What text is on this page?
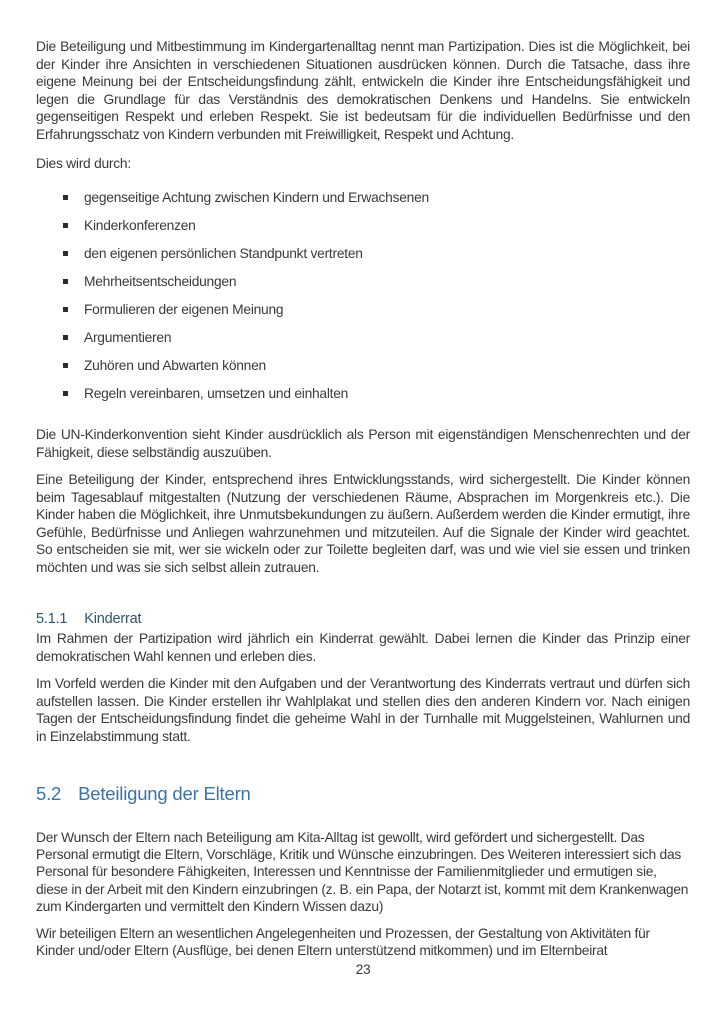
Die Beteiligung und Mitbestimmung im Kindergartenalltag nennt man Partizipation. Dies ist die Möglichkeit, bei der Kinder ihre Ansichten in verschiedenen Situationen ausdrücken können. Durch die Tatsache, dass ihre eigene Meinung bei der Entscheidungsfindung zählt, entwickeln die Kinder ihre Entscheidungsfähigkeit und legen die Grundlage für das Verständnis des demokratischen Denkens und Handelns. Sie entwickeln gegenseitigen Respekt und erleben Respekt. Sie ist bedeutsam für die individuellen Bedürfnisse und den Erfahrungsschatz von Kindern verbunden mit Freiwilligkeit, Respekt und Achtung.

Dies wird durch:

gegenseitige Achtung zwischen Kindern und Erwachsenen
Kinderkonferenzen
den eigenen persönlichen Standpunkt vertreten
Mehrheitsentscheidungen
Formulieren der eigenen Meinung
Argumentieren
Zuhören und Abwarten können
Regeln vereinbaren, umsetzen und einhalten

Die UN-Kinderkonvention sieht Kinder ausdrücklich als Person mit eigenständigen Menschenrechten und der Fähigkeit, diese selbständig auszuüben.

Eine Beteiligung der Kinder, entsprechend ihres Entwicklungsstands, wird sichergestellt. Die Kinder können beim Tagesablauf mitgestalten (Nutzung der verschiedenen Räume, Absprachen im Morgenkreis etc.). Die Kinder haben die Möglichkeit, ihre Unmutsbekundungen zu äußern. Außerdem werden die Kinder ermutigt, ihre Gefühle, Bedürfnisse und Anliegen wahrzunehmen und mitzuteilen. Auf die Signale der Kinder wird geachtet. So entscheiden sie mit, wer sie wickeln oder zur Toilette begleiten darf, was und wie viel sie essen und trinken möchten und was sie sich selbst allein zutrauen.

5.1.1 Kinderrat

Im Rahmen der Partizipation wird jährlich ein Kinderrat gewählt. Dabei lernen die Kinder das Prinzip einer demokratischen Wahl kennen und erleben dies.

Im Vorfeld werden die Kinder mit den Aufgaben und der Verantwortung des Kinderrats vertraut und dürfen sich aufstellen lassen. Die Kinder erstellen ihr Wahlplakat und stellen dies den anderen Kindern vor. Nach einigen Tagen der Entscheidungsfindung findet die geheime Wahl in der Turnhalle mit Muggelsteinen, Wahlurnen und in Einzelabstimmung statt.

5.2 Beteiligung der Eltern

Der Wunsch der Eltern nach Beteiligung am Kita-Alltag ist gewollt, wird gefördert und sichergestellt. Das Personal ermutigt die Eltern, Vorschläge, Kritik und Wünsche einzubringen. Des Weiteren interessiert sich das Personal für besondere Fähigkeiten, Interessen und Kenntnisse der Familienmitglieder und ermutigen sie, diese in der Arbeit mit den Kindern einzubringen (z. B. ein Papa, der Notarzt ist, kommt mit dem Krankenwagen zum Kindergarten und vermittelt den Kindern Wissen dazu)

Wir beteiligen Eltern an wesentlichen Angelegenheiten und Prozessen, der Gestaltung von Aktivitäten für Kinder und/oder Eltern (Ausflüge, bei denen Eltern unterstützend mitkommen) und im Elternbeirat

23
